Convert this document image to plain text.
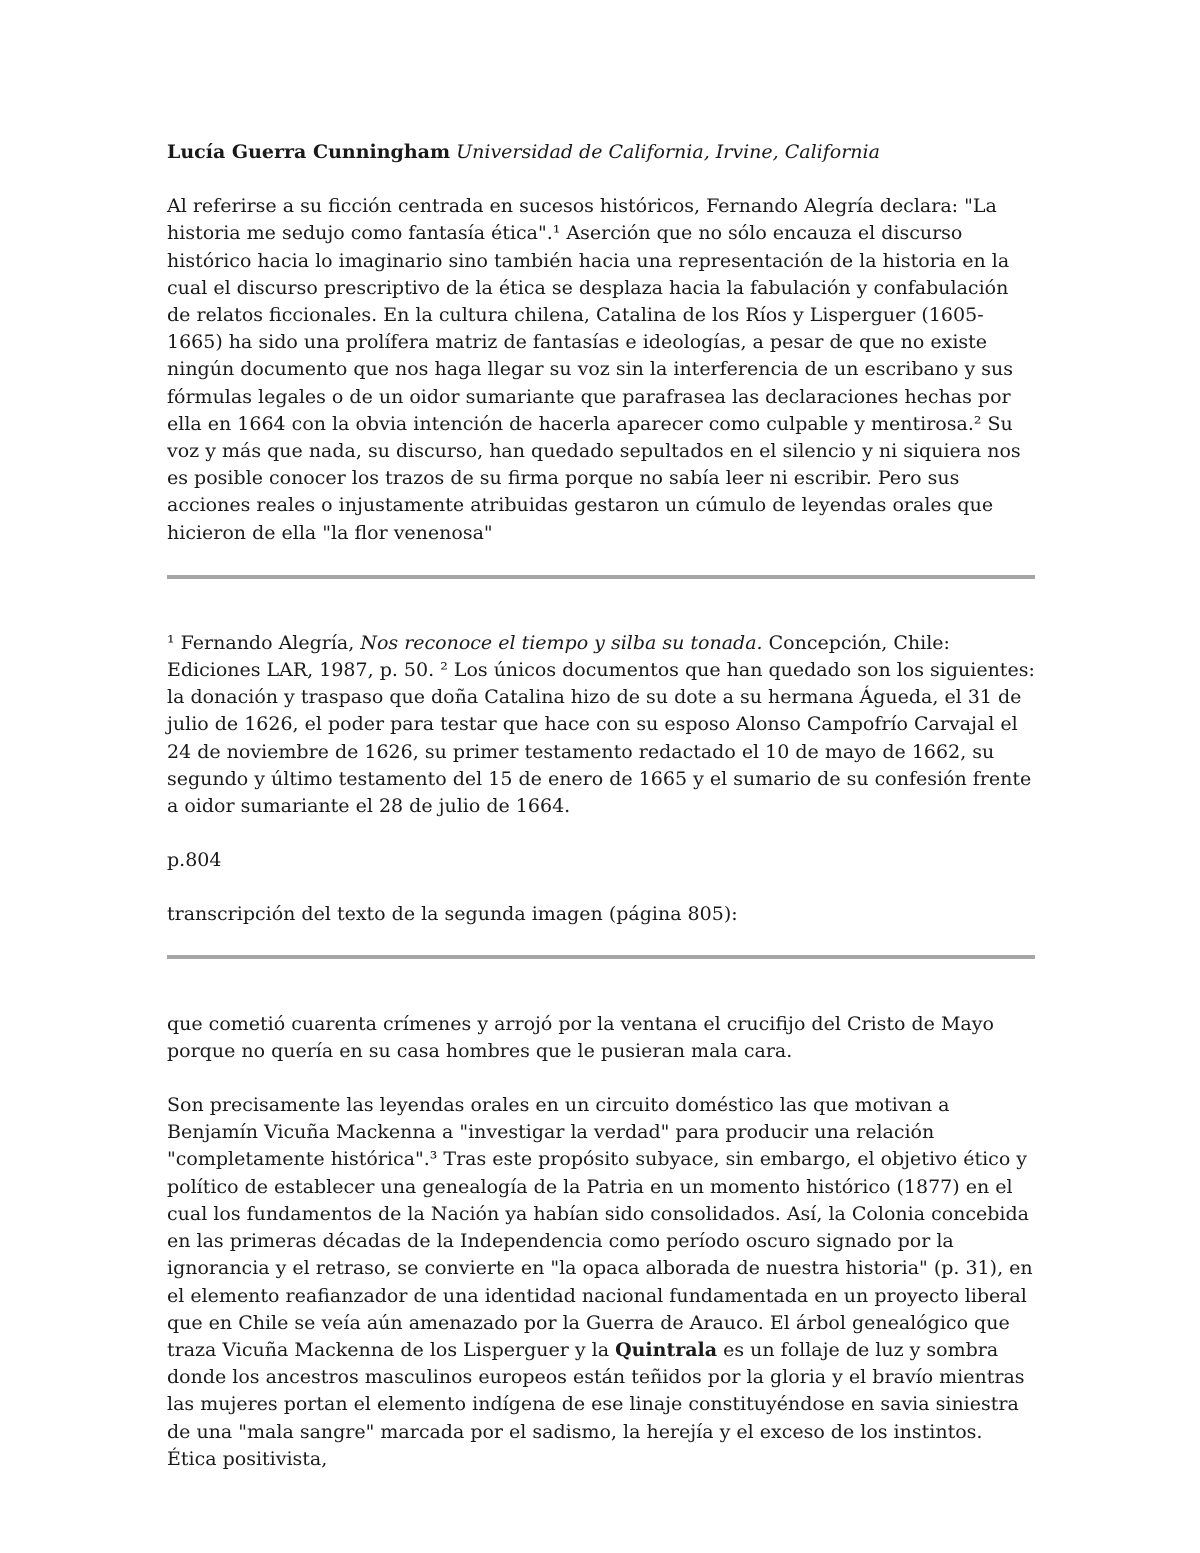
Lucía Guerra Cunningham Universidad de California, Irvine, California

Al referirse a su ficción centrada en sucesos históricos, Fernando Alegría declara: "La historia me sedujo como fantasía ética".¹ Aserción que no sólo encauza el discurso histórico hacia lo imaginario sino también hacia una representación de la historia en la cual el discurso prescriptivo de la ética se desplaza hacia la fabulación y confabulación de relatos ficcionales. En la cultura chilena, Catalina de los Ríos y Lisperguer (1605-1665) ha sido una prolífera matriz de fantasías e ideologías, a pesar de que no existe ningún documento que nos haga llegar su voz sin la interferencia de un escribano y sus fórmulas legales o de un oidor sumariante que parafrasea las declaraciones hechas por ella en 1664 con la obvia intención de hacerla aparecer como culpable y mentirosa.² Su voz y más que nada, su discurso, han quedado sepultados en el silencio y ni siquiera nos es posible conocer los trazos de su firma porque no sabía leer ni escribir. Pero sus acciones reales o injustamente atribuidas gestaron un cúmulo de leyendas orales que hicieron de ella "la flor venenosa"

¹ Fernando Alegría, Nos reconoce el tiempo y silba su tonada. Concepción, Chile: Ediciones LAR, 1987, p. 50. ² Los únicos documentos que han quedado son los siguientes: la donación y traspaso que doña Catalina hizo de su dote a su hermana Águeda, el 31 de julio de 1626, el poder para testar que hace con su esposo Alonso Campofrío Carvajal el 24 de noviembre de 1626, su primer testamento redactado el 10 de mayo de 1662, su segundo y último testamento del 15 de enero de 1665 y el sumario de su confesión frente a oidor sumariante el 28 de julio de 1664.

p.804

transcripción del texto de la segunda imagen (página 805):

que cometió cuarenta crímenes y arrojó por la ventana el crucifijo del Cristo de Mayo porque no quería en su casa hombres que le pusieran mala cara.

Son precisamente las leyendas orales en un circuito doméstico las que motivan a Benjamín Vicuña Mackenna a "investigar la verdad" para producir una relación "completamente histórica".³ Tras este propósito subyace, sin embargo, el objetivo ético y político de establecer una genealogía de la Patria en un momento histórico (1877) en el cual los fundamentos de la Nación ya habían sido consolidados. Así, la Colonia concebida en las primeras décadas de la Independencia como período oscuro signado por la ignorancia y el retraso, se convierte en "la opaca alborada de nuestra historia" (p. 31), en el elemento reafianzador de una identidad nacional fundamentada en un proyecto liberal que en Chile se veía aún amenazado por la Guerra de Arauco. El árbol genealógico que traza Vicuña Mackenna de los Lisperguer y la Quintrala es un follaje de luz y sombra donde los ancestros masculinos europeos están teñidos por la gloria y el bravío mientras las mujeres portan el elemento indígena de ese linaje constituyéndose en savia siniestra de una "mala sangre" marcada por el sadismo, la herejía y el exceso de los instintos. Ética positivista,
